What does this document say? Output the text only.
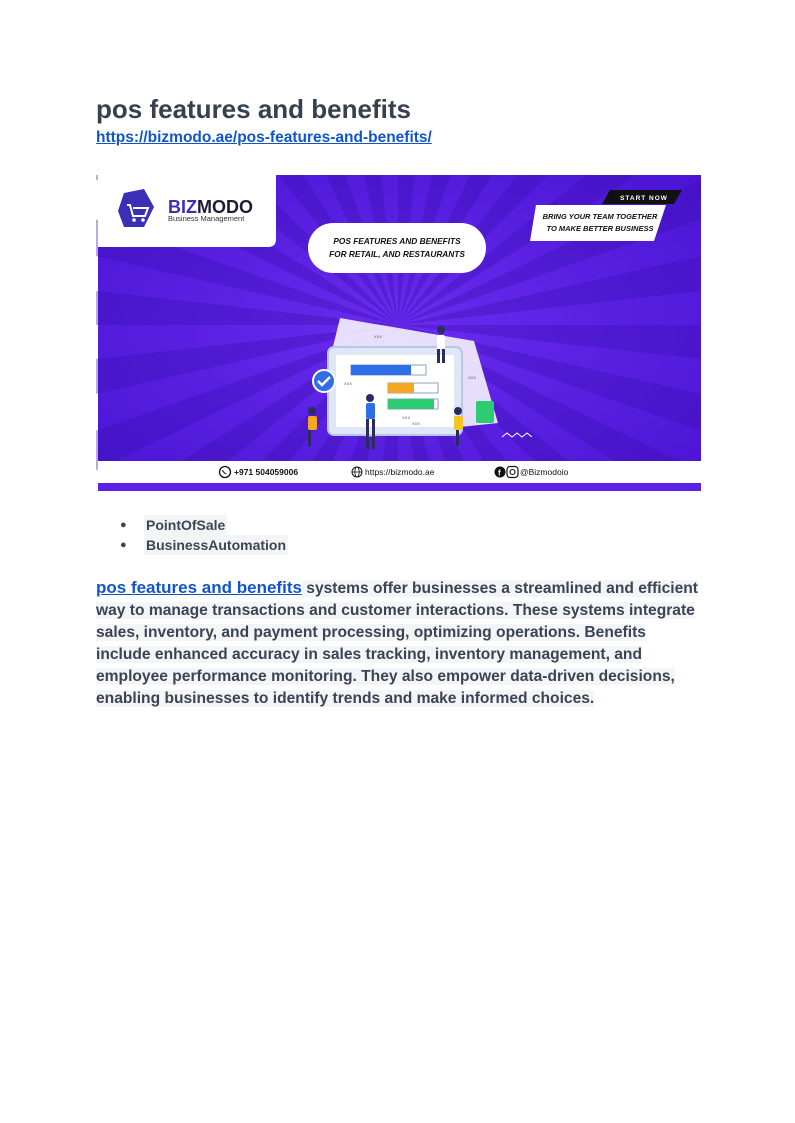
pos features and benefits
https://bizmodo.ae/pos-features-and-benefits/
BIZMODO
Business Management
POS FEATURES AND BENEFITS
FOR RETAIL, AND RESTAURANTS
START NOW
BRING YOUR TEAM TOGETHER
TO MAKE BETTER BUSINESS
XXX
XXX
XXX
XXX
XXX
+971 504059006	https://bizmodo.ae	f @Bizmodoio
● PointOfSale
● BusinessAutomation

pos features and benefits systems offer businesses a streamlined and efficient way to manage transactions and customer interactions. These systems integrate sales, inventory, and payment processing, optimizing operations. Benefits include enhanced accuracy in sales tracking, inventory management, and employee performance monitoring. They also empower data-driven decisions, enabling businesses to identify trends and make informed choices.
